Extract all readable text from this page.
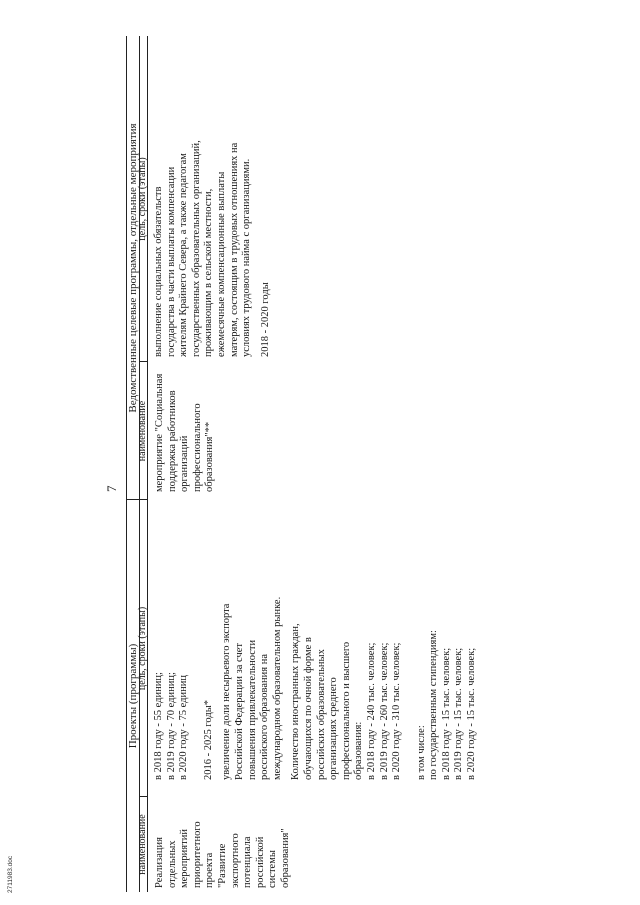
7
Проекты (программы)
Ведомственные целевые программы, отдельные мероприятия
наименование
цель, сроки (этапы)
наименование
цель, сроки (этапы)

Реализация отдельных мероприятий приоритетного проекта "Развитие экспортного потенциала российской системы образования"

в 2018 году - 55 единиц; в 2019 году - 70 единиц; в 2020 году - 75 единиц 2016 - 2025 годы* увеличение доли несырьевого экспорта Российской Федерации за счет повышения привлекательности российского образования на международном образовательном рынке. Количество иностранных граждан, обучающихся по очной форме в российских образовательных организациях среднего профессионального и высшего образования: в 2018 году - 240 тыс. человек; в 2019 году - 260 тыс. человек; в 2020 году - 310 тыс. человек; в том числе: по государственным стипендиям: в 2018 году - 15 тыс. человек; в 2019 году - 15 тыс. человек; в 2020 году - 15 тыс. человек;

мероприятие "Социальная поддержка работников организаций профессионального образования"**

выполнение социальных обязательств государства в части выплаты компенсации жителям Крайнего Севера, а также педагогам государственных образовательных организаций, проживающим в сельской местности, ежемесячные компенсационные выплаты матерям, состоящим в трудовых отношениях на условиях трудового найма с организациями. 2018 - 2020 годы

2711983.doc
